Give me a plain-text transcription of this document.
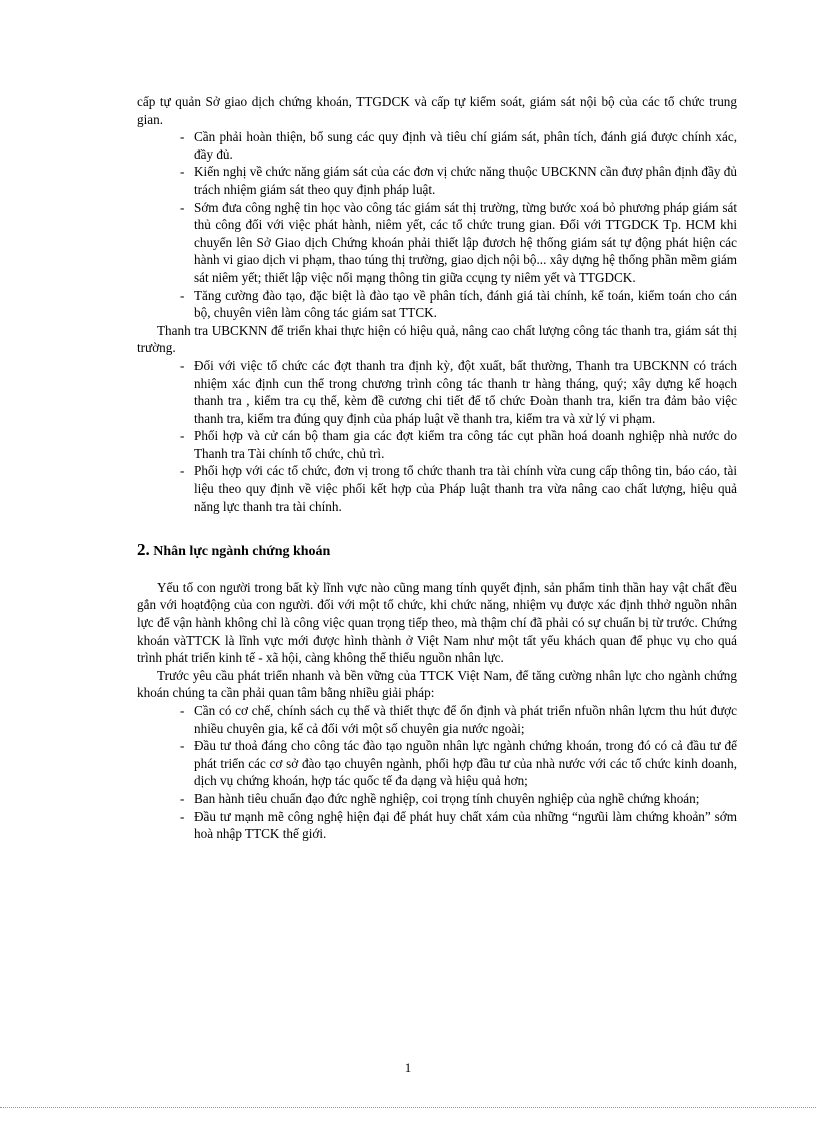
cấp tự quản Sở giao dịch chứng khoán, TTGDCK và cấp tự kiểm soát, giám sát nội bộ của các tổ chức trung gian.

- Cần phải hoàn thiện, bổ sung các quy định và tiêu chí giám sát, phân tích, đánh giá được chính xác, đầy đủ.
- Kiến nghị về chức năng giám sát của các đơn vị chức năng thuộc UBCKNN cần đượ phân định đầy đủ trách nhiệm giám sát theo quy định pháp luật.
- Sớm đưa công nghệ tin học vào công tác giám sát thị trường, từng bước xoá bỏ phương pháp giám sát thủ công đối với việc phát hành, niêm yết, các tổ chức trung gian. Đối với TTGDCK Tp. HCM khi chuyển lên Sở Giao dịch Chứng khoán phải thiết lập đươch hệ thống giám sát tự động phát hiện các hành vi giao dịch vi phạm, thao túng thị trường, giao dịch nội bộ... xây dựng hệ thống phần mềm giám sát niêm yết; thiết lập việc nối mạng thông tin giữa ccụng ty niêm yết và TTGDCK.
- Tăng cường đào tạo, đặc biệt là đào tạo về phân tích, đánh giá tài chính, kế toán, kiểm toán cho cán bộ, chuyên viên làm công tác giám sat TTCK.

Thanh tra UBCKNN để triển khai thực hiện có hiệu quả, nâng cao chất lượng công tác thanh tra, giám sát thị trường.

- Đối với việc tổ chức các đợt thanh tra định kỳ, đột xuất, bất thường, Thanh tra UBCKNN có trách nhiệm xác định cun thể trong chương trình công tác thanh tr hàng tháng, quý; xây dựng kế hoạch thanh tra , kiểm tra cụ thể, kèm đề cương chi tiết để tổ chức Đoàn thanh tra, kiển tra đảm bảo việc thanh tra, kiểm tra đúng quy định của pháp luật về thanh tra, kiểm tra và xử lý vi phạm.
- Phối hợp và cử cán bộ tham gia các đợt kiểm tra công tác cụt phần hoá doanh nghiệp nhà nước do Thanh tra Tài chính tổ chức, chủ trì.
- Phối hợp với các tổ chức, đơn vị trong tổ chức thanh tra tài chính vừa cung cấp thông tin, báo cáo, tài liệu theo quy định về việc phối kết hợp của Pháp luật thanh tra vừa nâng cao chất lượng, hiệu quả năng lực thanh tra tài chính.
2. Nhân lực ngành chứng khoán

Yếu tố con người trong bất kỳ lĩnh vực nào cũng mang tính quyết định, sản phẩm tinh thần hay vật chất đều gắn với hoạtđộng của con người. đối với một tổ chức, khi chức năng, nhiệm vụ được xác định thhở nguồn nhân lực để vận hành không chỉ là công việc quan trọng tiếp theo, mà thậm chí đã phải có sự chuẩn bị từ trước. Chứng khoán vàTTCK là lĩnh vực mới được hình thành ở Việt Nam như một tất yếu khách quan để phục vụ cho quá trình phát triển kinh tế - xã hội, càng không thể thiếu nguồn nhân lực.

Trước yêu cầu phát triển nhanh và bền vững của TTCK Việt Nam, để tăng cường nhân lực cho ngành chứng khoán chúng ta cần phải quan tâm bằng nhiều giải pháp:

- Cần có cơ chế, chính sách cụ thể và thiết thực để ổn định và phát triển nfuồn nhân lựcm thu hút được nhiều chuyên gia, kể cả đối với một số chuyên gia nước ngoài;
- Đầu tư thoả đáng cho công tác đào tạo nguồn nhân lực ngành chứng khoán, trong đó có cả đầu tư để phát triển các cơ sở đào tạo chuyên ngành, phối hợp đầu tư của nhà nước với các tổ chức kinh doanh, dịch vụ chứng khoán, hợp tác quốc tế đa dạng và hiệu quả hơn;
- Ban hành tiêu chuẩn đạo đức nghề nghiệp, coi trọng tính chuyên nghiệp của nghề chứng khoán;
- Đầu tư mạnh mẽ công nghệ hiện đại để phát huy chất xám của những “ngưũi làm chứng khoản” sớm hoà nhập TTCK thế giới.
1
